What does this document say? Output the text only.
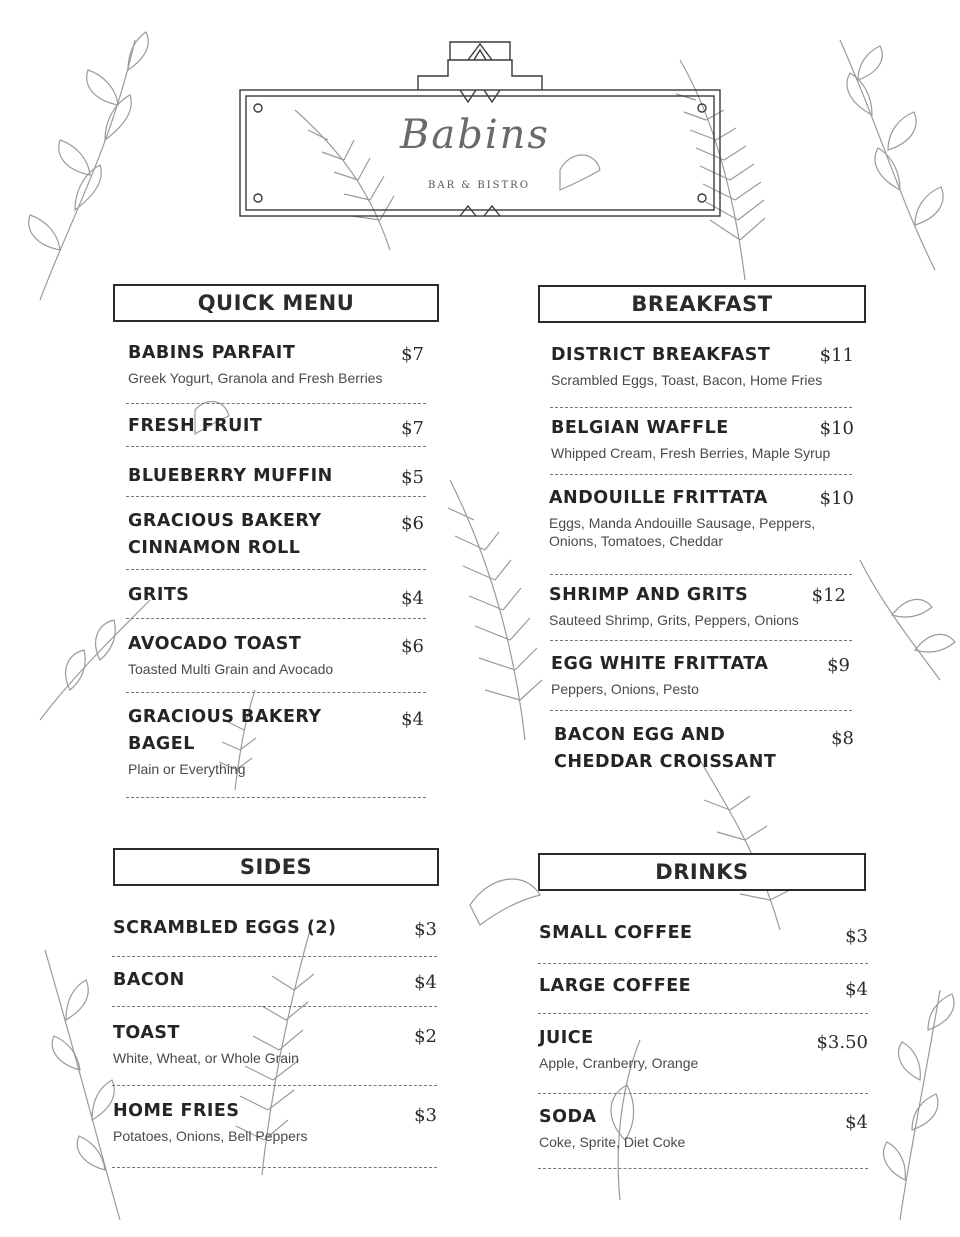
Babins
BAR & BISTRO
QUICK MENU
BABINS PARFAIT
Greek Yogurt, Granola and Fresh Berries
$7
FRESH FRUIT	$7
BLUEBERRY MUFFIN	$5
GRACIOUS BAKERY
CINNAMON ROLL
$6
GRITS	$4
AVOCADO TOAST
Toasted Multi Grain and Avocado
$6
GRACIOUS BAKERY
BAGEL
Plain or Everything
$4
BREAKFAST
DISTRICT BREAKFAST
Scrambled Eggs, Toast, Bacon, Home Fries
$11
BELGIAN WAFFLE
Whipped Cream, Fresh Berries, Maple Syrup
$10
ANDOUILLE FRITTATA
Eggs, Manda Andouille Sausage, Peppers,
Onions, Tomatoes, Cheddar
$10
SHRIMP AND GRITS
Sauteed Shrimp, Grits, Peppers, Onions
$12
EGG WHITE FRITTATA
Peppers, Onions, Pesto
$9
BACON EGG AND
CHEDDAR CROISSANT
$8
SIDES
SCRAMBLED EGGS (2)	$3
BACON	$4
TOAST
White, Wheat, or Whole Grain
$2
HOME FRIES
Potatoes, Onions, Bell Peppers
$3
DRINKS
SMALL COFFEE	$3
LARGE COFFEE	$4
JUICE
Apple, Cranberry, Orange
$3.50
SODA
Coke, Sprite, Diet Coke
$4
